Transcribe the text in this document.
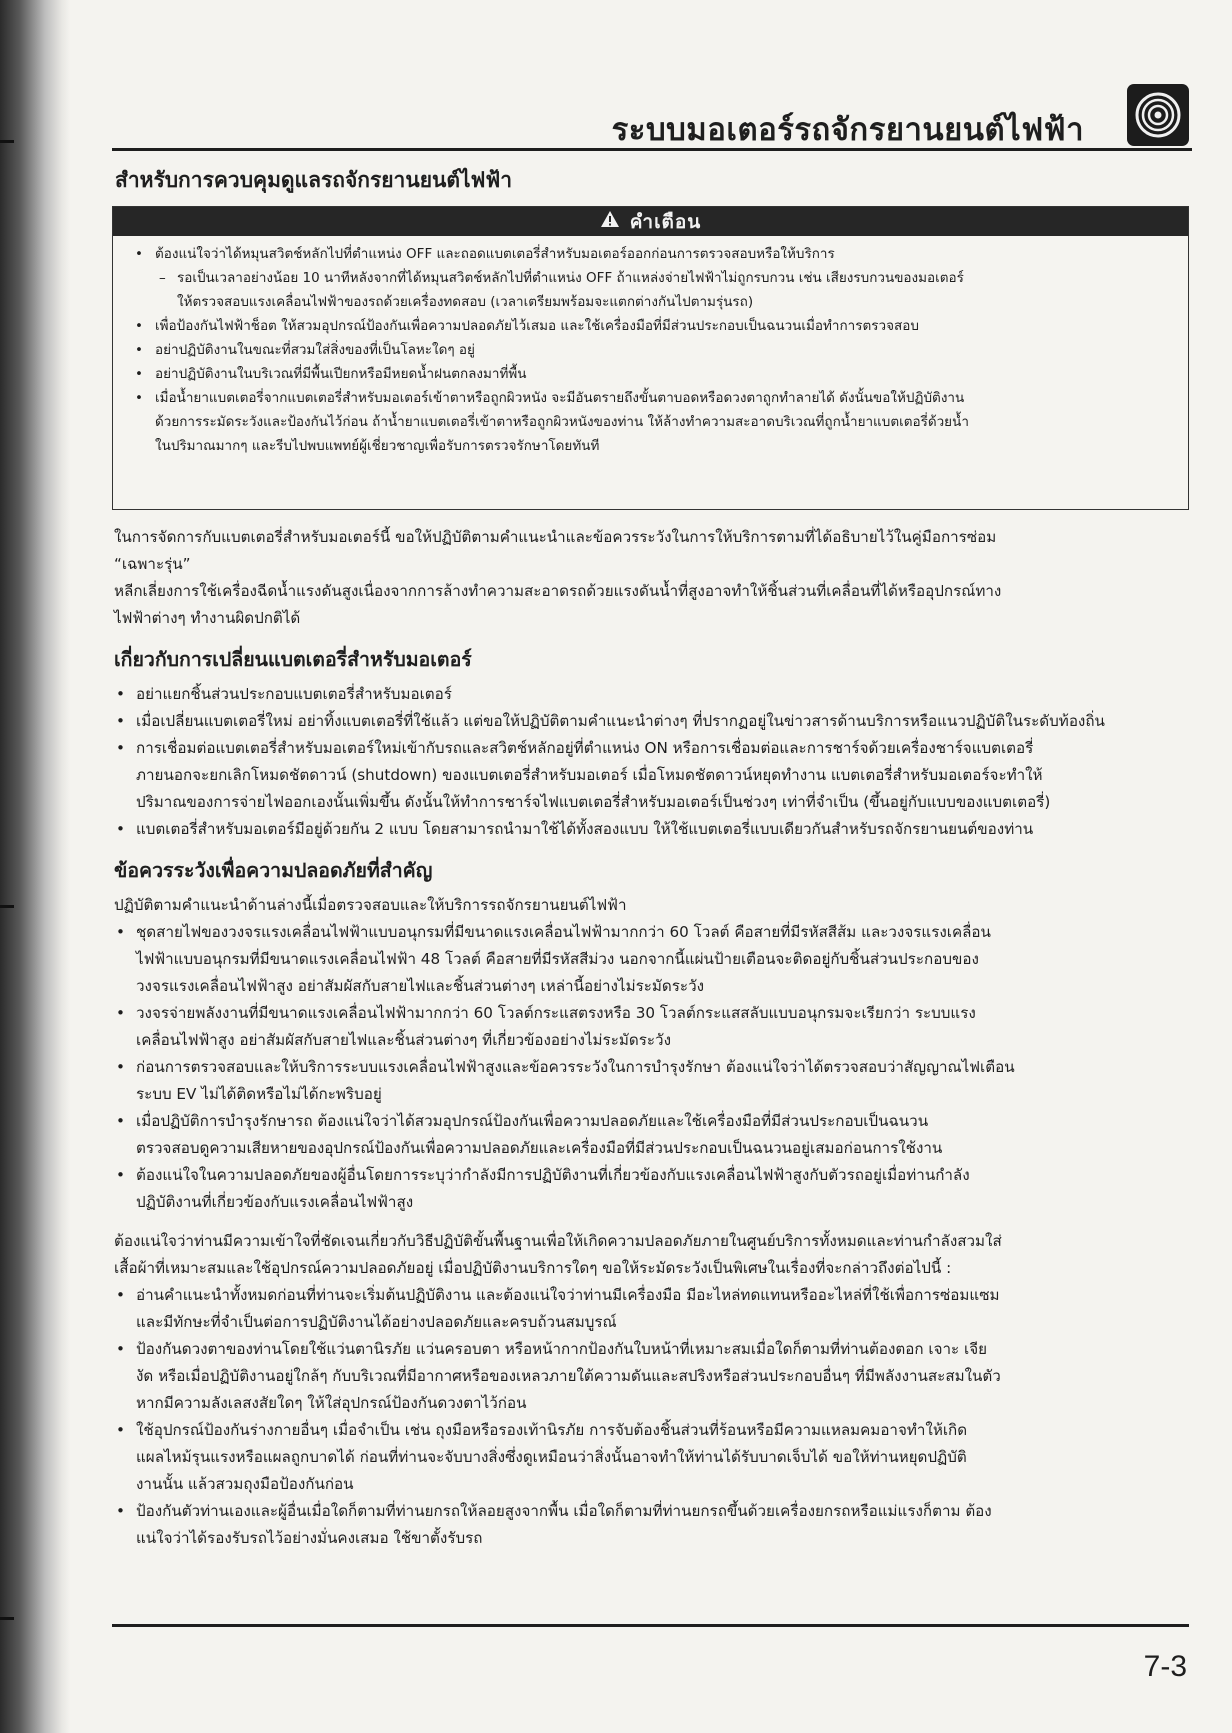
ระบบมอเตอร์รถจักรยานยนต์ไฟฟ้า
สำหรับการควบคุมดูแลรถจักรยานยนต์ไฟฟ้า
คำเตือน
• ต้องแน่ใจว่าได้หมุนสวิตช์หลักไปที่ตำแหน่ง OFF และถอดแบตเตอรี่สำหรับมอเตอร์ออกก่อนการตรวจสอบหรือให้บริการ
– รอเป็นเวลาอย่างน้อย 10 นาทีหลังจากที่ได้หมุนสวิตช์หลักไปที่ตำแหน่ง OFF ถ้าแหล่งจ่ายไฟฟ้าไม่ถูกรบกวน เช่น เสียงรบกวนของมอเตอร์
ให้ตรวจสอบแรงเคลื่อนไฟฟ้าของรถด้วยเครื่องทดสอบ (เวลาเตรียมพร้อมจะแตกต่างกันไปตามรุ่นรถ)
• เพื่อป้องกันไฟฟ้าช็อต ให้สวมอุปกรณ์ป้องกันเพื่อความปลอดภัยไว้เสมอ และใช้เครื่องมือที่มีส่วนประกอบเป็นฉนวนเมื่อทำการตรวจสอบ
• อย่าปฏิบัติงานในขณะที่สวมใส่สิ่งของที่เป็นโลหะใดๆ อยู่
• อย่าปฏิบัติงานในบริเวณที่มีพื้นเปียกหรือมีหยดน้ำฝนตกลงมาที่พื้น
• เมื่อน้ำยาแบตเตอรี่จากแบตเตอรี่สำหรับมอเตอร์เข้าตาหรือถูกผิวหนัง จะมีอันตรายถึงขั้นตาบอดหรือดวงตาถูกทำลายได้ ดังนั้นขอให้ปฏิบัติงาน
ด้วยการระมัดระวังและป้องกันไว้ก่อน ถ้าน้ำยาแบตเตอรี่เข้าตาหรือถูกผิวหนังของท่าน ให้ล้างทำความสะอาดบริเวณที่ถูกน้ำยาแบตเตอรี่ด้วยน้ำ
ในปริมาณมากๆ และรีบไปพบแพทย์ผู้เชี่ยวชาญเพื่อรับการตรวจรักษาโดยทันที

ในการจัดการกับแบตเตอรี่สำหรับมอเตอร์นี้ ขอให้ปฏิบัติตามคำแนะนำและข้อควรระวังในการให้บริการตามที่ได้อธิบายไว้ในคู่มือการซ่อม

“เฉพาะรุ่น”

หลีกเลี่ยงการใช้เครื่องฉีดน้ำแรงดันสูงเนื่องจากการล้างทำความสะอาดรถด้วยแรงดันน้ำที่สูงอาจทำให้ชิ้นส่วนที่เคลื่อนที่ได้หรืออุปกรณ์ทาง

ไฟฟ้าต่างๆ ทำงานผิดปกติได้

เกี่ยวกับการเปลี่ยนแบตเตอรี่สำหรับมอเตอร์
• อย่าแยกชิ้นส่วนประกอบแบตเตอรี่สำหรับมอเตอร์
• เมื่อเปลี่ยนแบตเตอรี่ใหม่ อย่าทิ้งแบตเตอรี่ที่ใช้แล้ว แต่ขอให้ปฏิบัติตามคำแนะนำต่างๆ ที่ปรากฏอยู่ในข่าวสารด้านบริการหรือแนวปฏิบัติในระดับท้องถิ่น
• การเชื่อมต่อแบตเตอรี่สำหรับมอเตอร์ใหม่เข้ากับรถและสวิตช์หลักอยู่ที่ตำแหน่ง ON หรือการเชื่อมต่อและการชาร์จด้วยเครื่องชาร์จแบตเตอรี่
ภายนอกจะยกเลิกโหมดชัตดาวน์ (shutdown) ของแบตเตอรี่สำหรับมอเตอร์ เมื่อโหมดชัตดาวน์หยุดทำงาน แบตเตอรี่สำหรับมอเตอร์จะทำให้
ปริมาณของการจ่ายไฟออกเองนั้นเพิ่มขึ้น ดังนั้นให้ทำการชาร์จไฟแบตเตอรี่สำหรับมอเตอร์เป็นช่วงๆ เท่าที่จำเป็น (ขึ้นอยู่กับแบบของแบตเตอรี่)
• แบตเตอรี่สำหรับมอเตอร์มีอยู่ด้วยกัน 2 แบบ โดยสามารถนำมาใช้ได้ทั้งสองแบบ ให้ใช้แบตเตอรี่แบบเดียวกันสำหรับรถจักรยานยนต์ของท่าน
ข้อควรระวังเพื่อความปลอดภัยที่สำคัญ

ปฏิบัติตามคำแนะนำด้านล่างนี้เมื่อตรวจสอบและให้บริการรถจักรยานยนต์ไฟฟ้า

• ชุดสายไฟของวงจรแรงเคลื่อนไฟฟ้าแบบอนุกรมที่มีขนาดแรงเคลื่อนไฟฟ้ามากกว่า 60 โวลต์ คือสายที่มีรหัสสีส้ม และวงจรแรงเคลื่อน
ไฟฟ้าแบบอนุกรมที่มีขนาดแรงเคลื่อนไฟฟ้า 48 โวลต์ คือสายที่มีรหัสสีม่วง นอกจากนี้แผ่นป้ายเตือนจะติดอยู่กับชิ้นส่วนประกอบของ
วงจรแรงเคลื่อนไฟฟ้าสูง อย่าสัมผัสกับสายไฟและชิ้นส่วนต่างๆ เหล่านี้อย่างไม่ระมัดระวัง
• วงจรจ่ายพลังงานที่มีขนาดแรงเคลื่อนไฟฟ้ามากกว่า 60 โวลต์กระแสตรงหรือ 30 โวลต์กระแสสลับแบบอนุกรมจะเรียกว่า ระบบแรง
เคลื่อนไฟฟ้าสูง อย่าสัมผัสกับสายไฟและชิ้นส่วนต่างๆ ที่เกี่ยวข้องอย่างไม่ระมัดระวัง
• ก่อนการตรวจสอบและให้บริการระบบแรงเคลื่อนไฟฟ้าสูงและข้อควรระวังในการบำรุงรักษา ต้องแน่ใจว่าได้ตรวจสอบว่าสัญญาณไฟเตือน
ระบบ EV ไม่ได้ติดหรือไม่ได้กะพริบอยู่
• เมื่อปฏิบัติการบำรุงรักษารถ ต้องแน่ใจว่าได้สวมอุปกรณ์ป้องกันเพื่อความปลอดภัยและใช้เครื่องมือที่มีส่วนประกอบเป็นฉนวน
ตรวจสอบดูความเสียหายของอุปกรณ์ป้องกันเพื่อความปลอดภัยและเครื่องมือที่มีส่วนประกอบเป็นฉนวนอยู่เสมอก่อนการใช้งาน
• ต้องแน่ใจในความปลอดภัยของผู้อื่นโดยการระบุว่ากำลังมีการปฏิบัติงานที่เกี่ยวข้องกับแรงเคลื่อนไฟฟ้าสูงกับตัวรถอยู่เมื่อท่านกำลัง
ปฏิบัติงานที่เกี่ยวข้องกับแรงเคลื่อนไฟฟ้าสูง

ต้องแน่ใจว่าท่านมีความเข้าใจที่ชัดเจนเกี่ยวกับวิธีปฏิบัติขั้นพื้นฐานเพื่อให้เกิดความปลอดภัยภายในศูนย์บริการทั้งหมดและท่านกำลังสวมใส่

เสื้อผ้าที่เหมาะสมและใช้อุปกรณ์ความปลอดภัยอยู่ เมื่อปฏิบัติงานบริการใดๆ ขอให้ระมัดระวังเป็นพิเศษในเรื่องที่จะกล่าวถึงต่อไปนี้ :

• อ่านคำแนะนำทั้งหมดก่อนที่ท่านจะเริ่มต้นปฏิบัติงาน และต้องแน่ใจว่าท่านมีเครื่องมือ มีอะไหล่ทดแทนหรืออะไหล่ที่ใช้เพื่อการซ่อมแซม
และมีทักษะที่จำเป็นต่อการปฏิบัติงานได้อย่างปลอดภัยและครบถ้วนสมบูรณ์
• ป้องกันดวงตาของท่านโดยใช้แว่นตานิรภัย แว่นครอบตา หรือหน้ากากป้องกันใบหน้าที่เหมาะสมเมื่อใดก็ตามที่ท่านต้องตอก เจาะ เจีย
งัด หรือเมื่อปฏิบัติงานอยู่ใกล้ๆ กับบริเวณที่มีอากาศหรือของเหลวภายใต้ความดันและสปริงหรือส่วนประกอบอื่นๆ ที่มีพลังงานสะสมในตัว
หากมีความลังเลสงสัยใดๆ ให้ใส่อุปกรณ์ป้องกันดวงตาไว้ก่อน
• ใช้อุปกรณ์ป้องกันร่างกายอื่นๆ เมื่อจำเป็น เช่น ถุงมือหรือรองเท้านิรภัย การจับต้องชิ้นส่วนที่ร้อนหรือมีความแหลมคมอาจทำให้เกิด
แผลไหม้รุนแรงหรือแผลถูกบาดได้ ก่อนที่ท่านจะจับบางสิ่งซึ่งดูเหมือนว่าสิ่งนั้นอาจทำให้ท่านได้รับบาดเจ็บได้ ขอให้ท่านหยุดปฏิบัติ
งานนั้น แล้วสวมถุงมือป้องกันก่อน
• ป้องกันตัวท่านเองและผู้อื่นเมื่อใดก็ตามที่ท่านยกรถให้ลอยสูงจากพื้น เมื่อใดก็ตามที่ท่านยกรถขึ้นด้วยเครื่องยกรถหรือแม่แรงก็ตาม ต้อง
แน่ใจว่าได้รองรับรถไว้อย่างมั่นคงเสมอ ใช้ขาตั้งรับรถ
7-3
